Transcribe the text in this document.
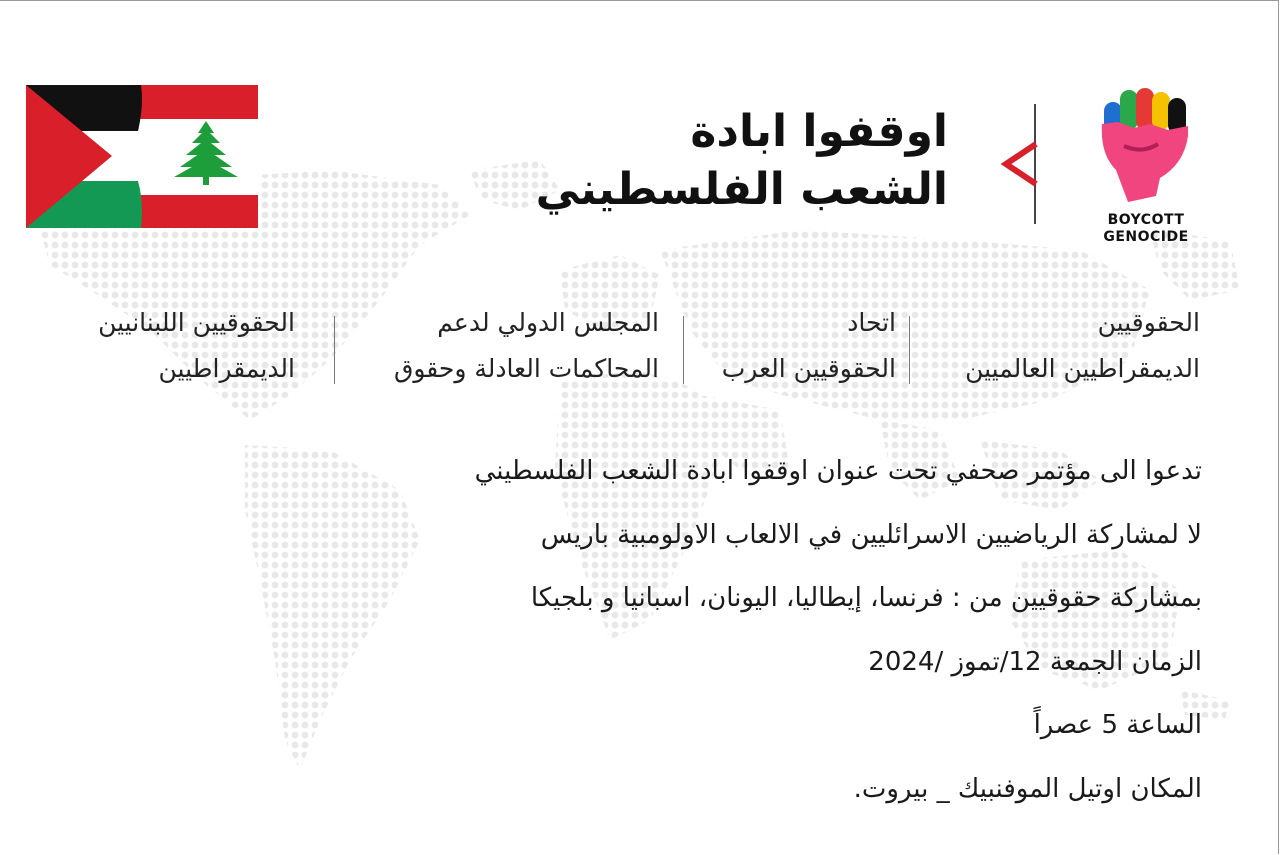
اوقفوا ابادة
الشعب الفلسطيني
BOYCOTT
GENOCIDE
الحقوقيين
الديمقراطيين العالميين
اتحاد
الحقوقيين العرب
المجلس الدولي لدعم
المحاكمات العادلة وحقوق
الحقوقيين اللبنانيين
الديمقراطيين

تدعوا الى مؤتمر صحفي تحت عنوان اوقفوا ابادة الشعب الفلسطيني

لا لمشاركة الرياضيين الاسرائليين في الالعاب الاولومبية باريس

بمشاركة حقوقيين من : فرنسا، إيطاليا، اليونان، اسبانيا و بلجيكا

الزمان الجمعة 12/تموز /2024

الساعة 5 عصراً

المكان اوتيل الموفنبيك _ بيروت.
